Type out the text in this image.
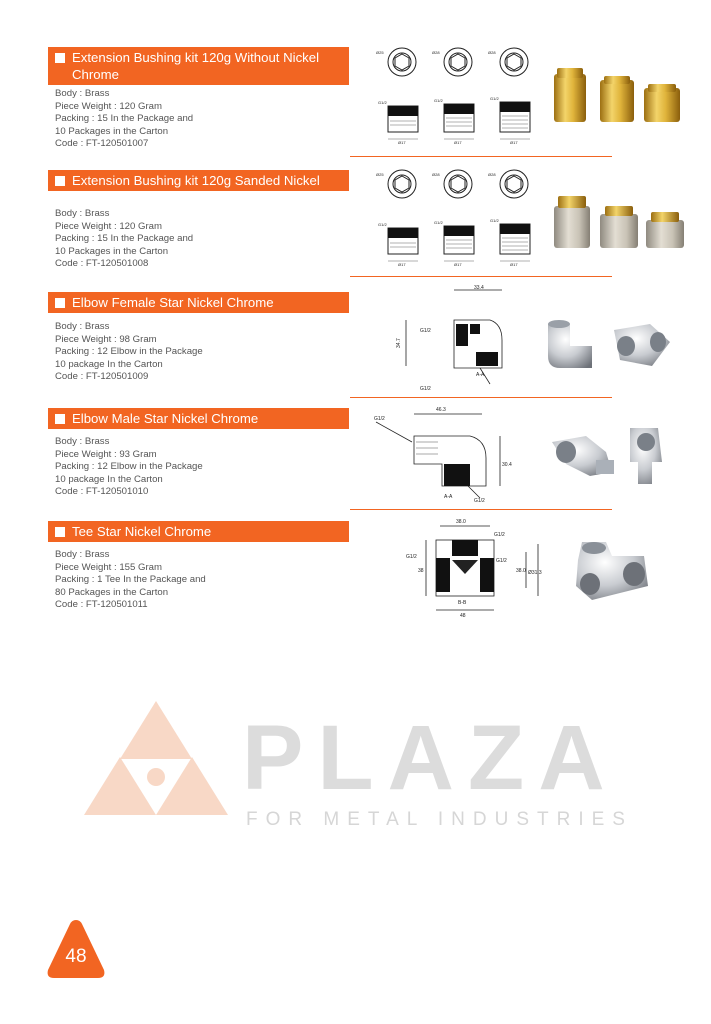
Extension Bushing kit 120g Without Nickel Chrome
Body : Brass
Piece Weight : 120 Gram
Packing : 15 In the Package and
10 Packages in the Carton
Code : FT-120501007
Ø25	Ø28	Ø28
G1/2	G1/2	G1/2
Ø17	Ø17	Ø17
Extension Bushing kit 120g Sanded Nickel
Body : Brass
Piece Weight : 120 Gram
Packing : 15 In the Package and
10 Packages in the Carton
Code : FT-120501008
Ø25	Ø28	Ø28
G1/2	G1/2	G1/2
Ø17	Ø17	Ø17
Elbow Female Star Nickel Chrome
Body : Brass
Piece Weight : 98 Gram
Packing : 12 Elbow in the Package
10 package In the Carton
Code : FT-120501009
33.4
34.7
G1/2
G1/2
A-A
Elbow Male Star Nickel Chrome
Body : Brass
Piece Weight : 93 Gram
Packing : 12 Elbow in the Package
10 package In the Carton
Code : FT-120501010
46.3
30.4
G1/2
G1/2
A-A
Tee Star Nickel Chrome
Body : Brass
Piece Weight : 155 Gram
Packing : 1 Tee In the Package and
80 Packages in the Carton
Code : FT-120501011
38.0
38	38.0 Ø31.3
48
G1/2
G1/2
G1/2
B-B
PLAZA
FOR METAL INDUSTRIES
48
